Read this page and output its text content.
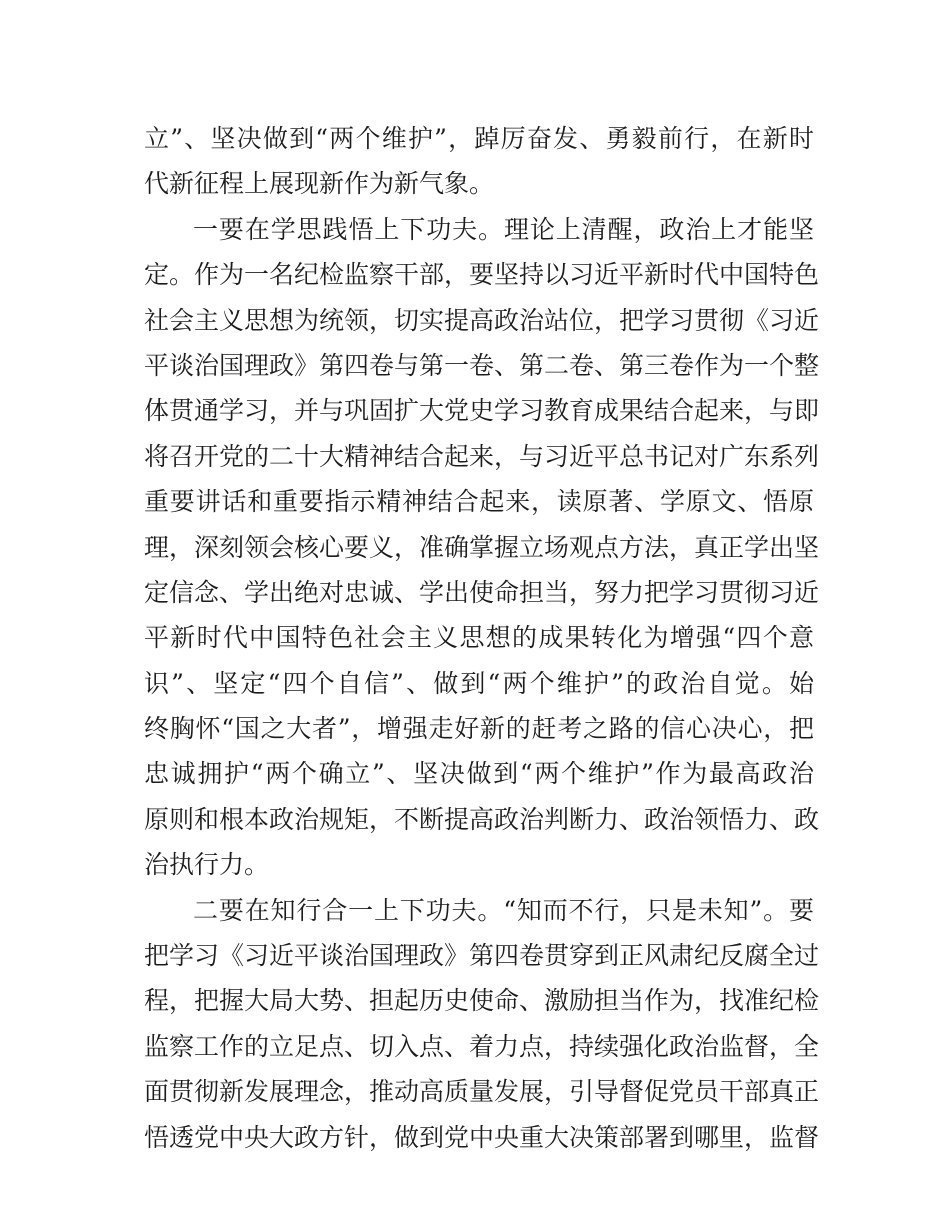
立”、坚决做到“两个维护”，踔厉奋发、勇毅前行，在新时
代新征程上展现新作为新气象。
一要在学思践悟上下功夫。理论上清醒，政治上才能坚
定。作为一名纪检监察干部，要坚持以习近平新时代中国特色
社会主义思想为统领，切实提高政治站位，把学习贯彻《习近
平谈治国理政》第四卷与第一卷、第二卷、第三卷作为一个整
体贯通学习，并与巩固扩大党史学习教育成果结合起来，与即
将召开党的二十大精神结合起来，与习近平总书记对广东系列
重要讲话和重要指示精神结合起来，读原著、学原文、悟原
理，深刻领会核心要义，准确掌握立场观点方法，真正学出坚
定信念、学出绝对忠诚、学出使命担当，努力把学习贯彻习近
平新时代中国特色社会主义思想的成果转化为增强“四个意
识”、坚定“四个自信”、做到“两个维护”的政治自觉。始
终胸怀“国之大者”，增强走好新的赶考之路的信心决心，把
忠诚拥护“两个确立”、坚决做到“两个维护”作为最高政治
原则和根本政治规矩，不断提高政治判断力、政治领悟力、政
治执行力。
二要在知行合一上下功夫。“知而不行，只是未知”。要
把学习《习近平谈治国理政》第四卷贯穿到正风肃纪反腐全过
程，把握大局大势、担起历史使命、激励担当作为，找准纪检
监察工作的立足点、切入点、着力点，持续强化政治监督，全
面贯彻新发展理念，推动高质量发展，引导督促党员干部真正
悟透党中央大政方针，做到党中央重大决策部署到哪里，监督
